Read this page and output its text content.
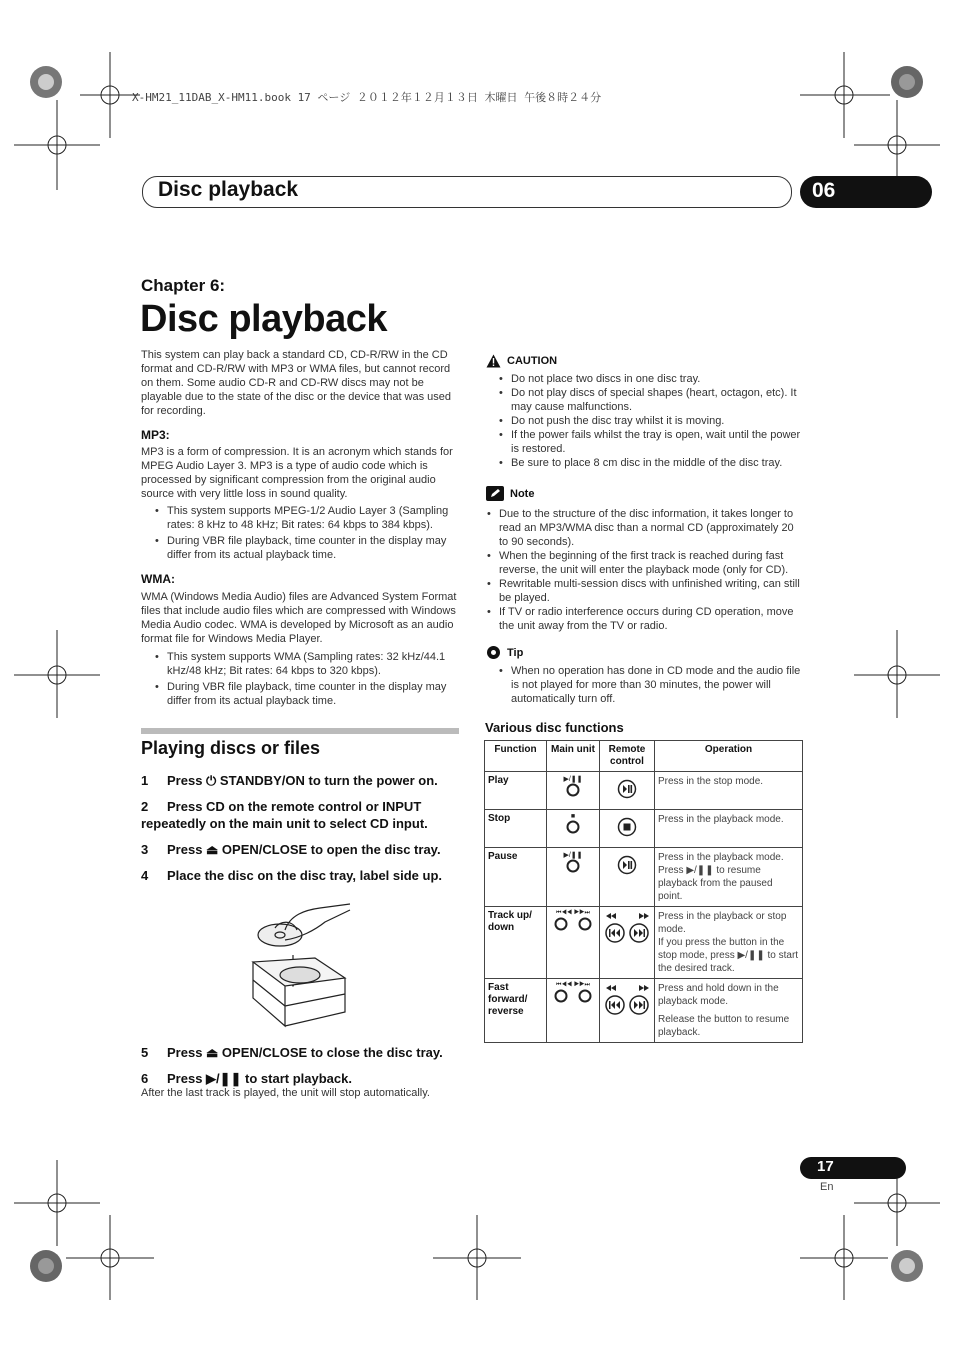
X-HM21_11DAB_X-HM11.book 17 ページ ２０１２年１２月１３日 木曜日 午後８時２４分
Disc playback	06
Chapter 6:
Disc playback
This system can play back a standard CD, CD-R/RW in the CD format and CD-R/RW with MP3 or WMA files, but cannot record on them. Some audio CD-R and CD-RW discs may not be playable due to the state of the disc or the device that was used for recording.
MP3:
MP3 is a form of compression. It is an acronym which stands for MPEG Audio Layer 3. MP3 is a type of audio code which is processed by significant compression from the original audio source with very little loss in sound quality.
• This system supports MPEG-1/2 Audio Layer 3 (Sampling rates: 8 kHz to 48 kHz; Bit rates: 64 kbps to 384 kbps).
• During VBR file playback, time counter in the display may differ from its actual playback time.
WMA:
WMA (Windows Media Audio) files are Advanced System Format files that include audio files which are compressed with Windows Media Audio codec. WMA is developed by Microsoft as an audio format file for Windows Media Player.
• This system supports WMA (Sampling rates: 32 kHz/44.1 kHz/48 kHz; Bit rates: 64 kbps to 320 kbps).
• During VBR file playback, time counter in the display may differ from its actual playback time.
Playing discs or files
1 Press ⏻ STANDBY/ON to turn the power on.
2 Press CD on the remote control or INPUT repeatedly on the main unit to select CD input.
3 Press ⏏ OPEN/CLOSE to open the disc tray.
4 Place the disc on the disc tray, label side up.
5 Press ⏏ OPEN/CLOSE to close the disc tray.
6 Press ▶/❚❚ to start playback.
After the last track is played, the unit will stop automatically.
CAUTION
• Do not place two discs in one disc tray.
• Do not play discs of special shapes (heart, octagon, etc). It may cause malfunctions.
• Do not push the disc tray whilst it is moving.
• If the power fails whilst the tray is open, wait until the power is restored.
• Be sure to place 8 cm disc in the middle of the disc tray.
Note
• Due to the structure of the disc information, it takes longer to read an MP3/WMA disc than a normal CD (approximately 20 to 90 seconds).
• When the beginning of the first track is reached during fast reverse, the unit will enter the playback mode (only for CD).
• Rewritable multi-session discs with unfinished writing, can still be played.
• If TV or radio interference occurs during CD operation, move the unit away from the TV or radio.
Tip
• When no operation has done in CD mode and the audio file is not played for more than 30 minutes, the power will automatically turn off.
Various disc functions
Function	Main unit	Remote control	Operation
Play	▶/❚❚		Press in the stop mode.

Stop	■		Press in the playback mode.

Pause	▶/❚❚		Press in the playback mode. Press ▶/❚❚ to resume playback from the paused point.

Track up/ down	⏮◀◀ ▶▶⏭		Press in the playback or stop mode.
If you press the button in the stop mode, press ▶/❚❚ to start the desired track.

Fast forward/ reverse	⏮◀◀ ▶▶⏭		Press and hold down in the playback mode.
Release the button to resume playback.
17
En
